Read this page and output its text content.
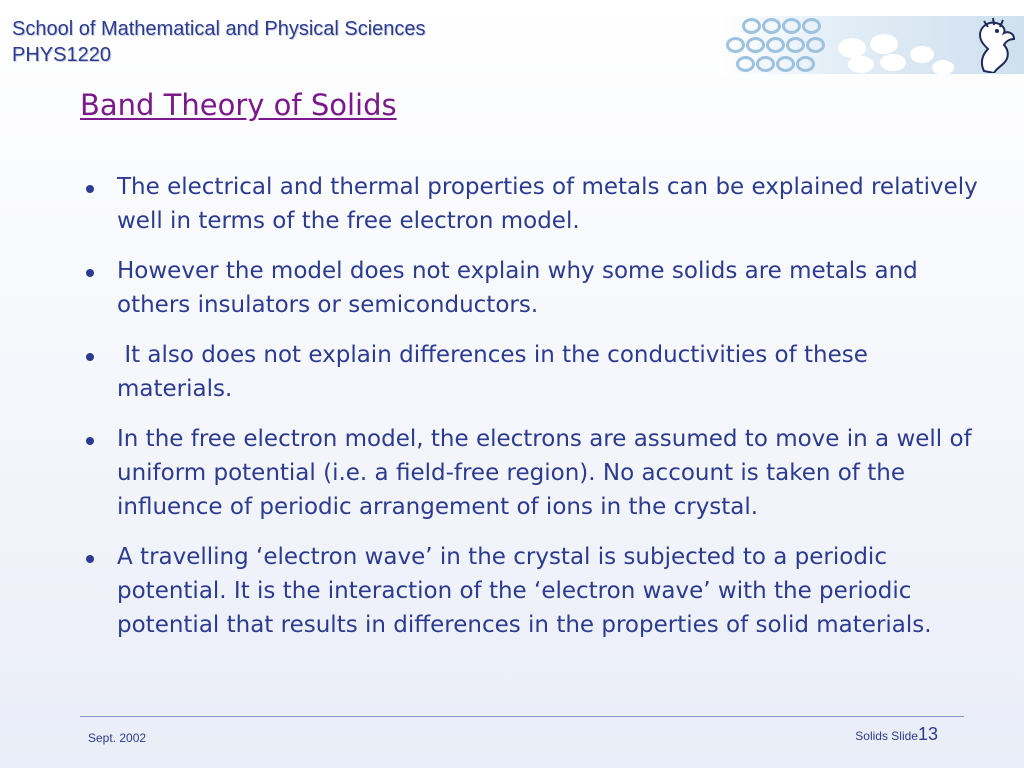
School of Mathematical and Physical Sciences
PHYS1220
Band Theory of Solids
The electrical and thermal properties of metals can be explained relatively well in terms of the free electron model.
However the model does not explain why some solids are metals and others insulators or semiconductors.
It also does not explain differences in the conductivities of these materials.
In the free electron model, the electrons are assumed to move in a well of uniform potential (i.e. a field-free region). No account is taken of the influence of periodic arrangement of ions in the crystal.
A travelling ‘electron wave’ in the crystal is subjected to a periodic potential. It is the interaction of the ‘electron wave’ with the periodic potential that results in differences in the properties of solid materials.
Sept. 2002	Solids Slide13
